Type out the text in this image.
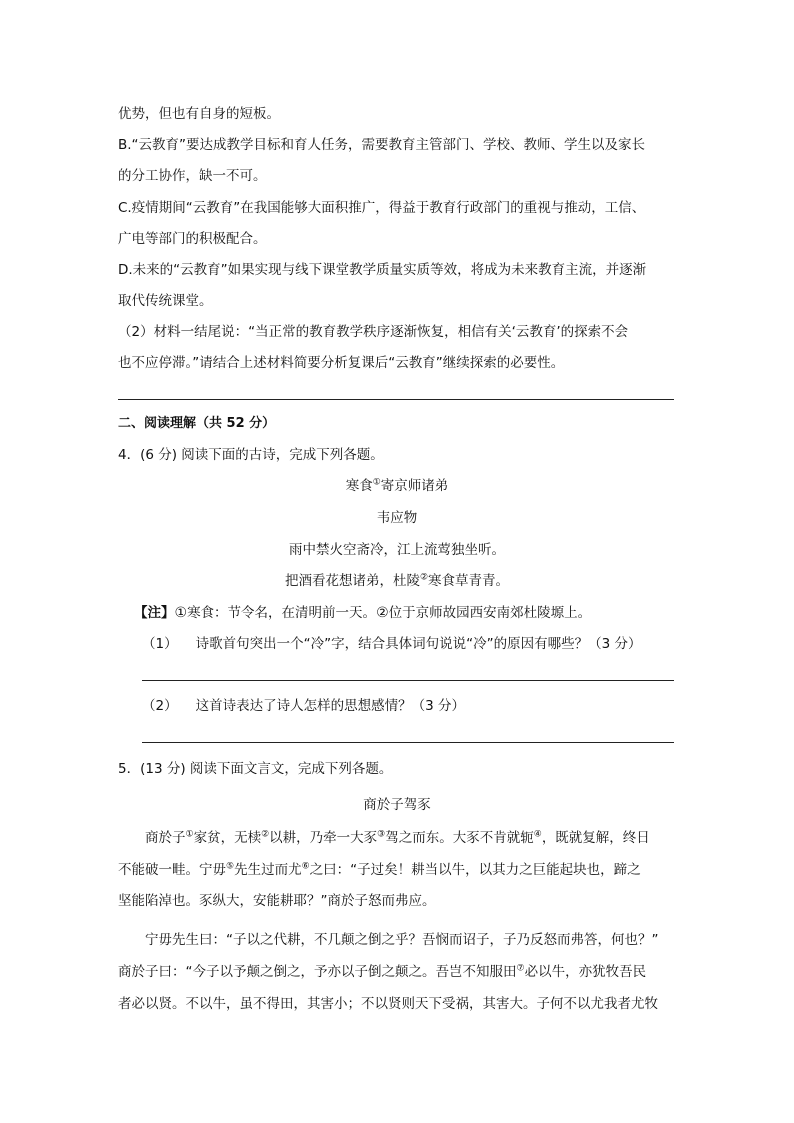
优势，但也有自身的短板。
B.“云教育”要达成教学目标和育人任务，需要教育主管部门、学校、教师、学生以及家长
的分工协作，缺一不可。
C.疫情期间“云教育”在我国能够大面积推广，得益于教育行政部门的重视与推动，工信、
广电等部门的积极配合。
D.未来的“云教育”如果实现与线下课堂教学质量实质等效，将成为未来教育主流，并逐渐
取代传统课堂。
（2）材料一结尾说：“当正常的教育教学秩序逐渐恢复，相信有关‘云教育’的探索不会
也不应停滞。”请结合上述材料简要分析复课后“云教育”继续探索的必要性。
二、阅读理解（共 52 分）
4．(6 分) 阅读下面的古诗，完成下列各题。
寒食①寄京师诸弟
韦应物
雨中禁火空斋冷，江上流莺独坐听。
把酒看花想诸弟，杜陵②寒食草青青。
【注】①寒食：节令名，在清明前一天。②位于京师故园西安南郊杜陵塬上。
（1） 诗歌首句突出一个“冷”字，结合具体词句说说“冷”的原因有哪些？（3 分）
（2） 这首诗表达了诗人怎样的思想感情？（3 分）
5．(13 分) 阅读下面文言文，完成下列各题。
商於子驾豕
商於子①家贫，无椟②以耕，乃牵一大豕③驾之而东。大豕不肯就轭④，既就复解，终日
不能破一畦。宁毋⑤先生过而尤⑥之曰：“子过矣！耕当以牛，以其力之巨能起块也，蹄之
坚能陷淖也。豕纵大，安能耕耶？”商於子怒而弗应。
宁毋先生曰：“子以之代耕，不几颠之倒之乎？吾悯而诏子，子乃反怒而弗答，何也？”
商於子曰：“今子以予颠之倒之，予亦以子倒之颠之。吾岂不知服田⑦必以牛，亦犹牧吾民
者必以贤。不以牛，虽不得田，其害小；不以贤则天下受祸，其害大。子何不以尤我者尤牧
